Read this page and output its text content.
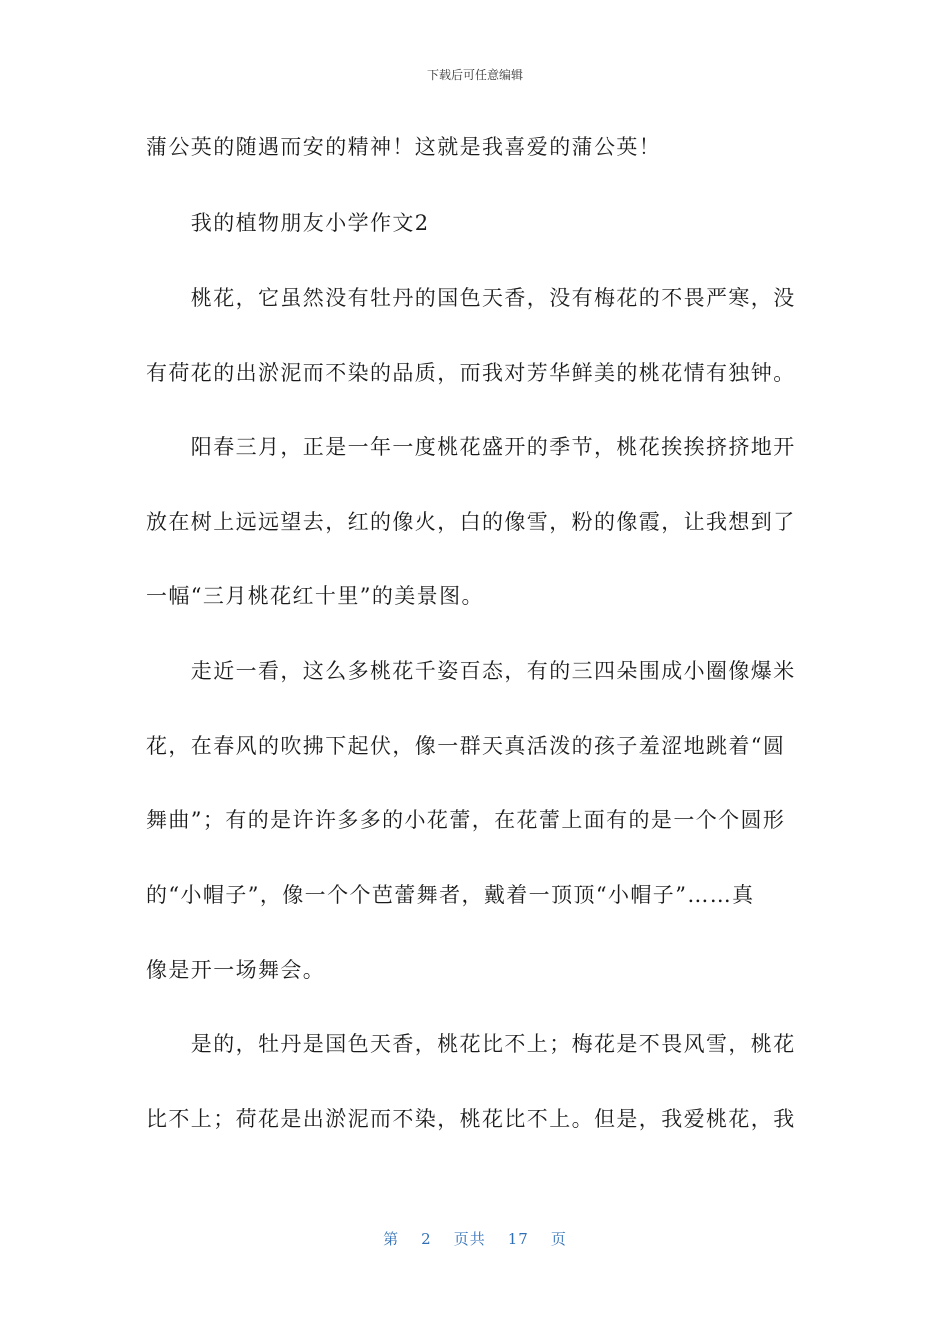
下载后可任意编辑
蒲公英的随遇而安的精神！这就是我喜爱的蒲公英！
　　我的植物朋友小学作文2
　　桃花，它虽然没有牡丹的国色天香，没有梅花的不畏严寒，没
有荷花的出淤泥而不染的品质，而我对芳华鲜美的桃花情有独钟。
　　阳春三月，正是一年一度桃花盛开的季节，桃花挨挨挤挤地开
放在树上远远望去，红的像火，白的像雪，粉的像霞，让我想到了
一幅“三月桃花红十里”的美景图。
　　走近一看，这么多桃花千姿百态，有的三四朵围成小圈像爆米
花，在春风的吹拂下起伏，像一群天真活泼的孩子羞涩地跳着“圆
舞曲”；有的是许许多多的小花蕾，在花蕾上面有的是一个个圆形
的“小帽子”，像一个个芭蕾舞者，戴着一顶顶“小帽子”……真
像是开一场舞会。
　　是的，牡丹是国色天香，桃花比不上；梅花是不畏风雪，桃花
比不上；荷花是出淤泥而不染，桃花比不上。但是，我爱桃花，我
第 2 页共 17 页
